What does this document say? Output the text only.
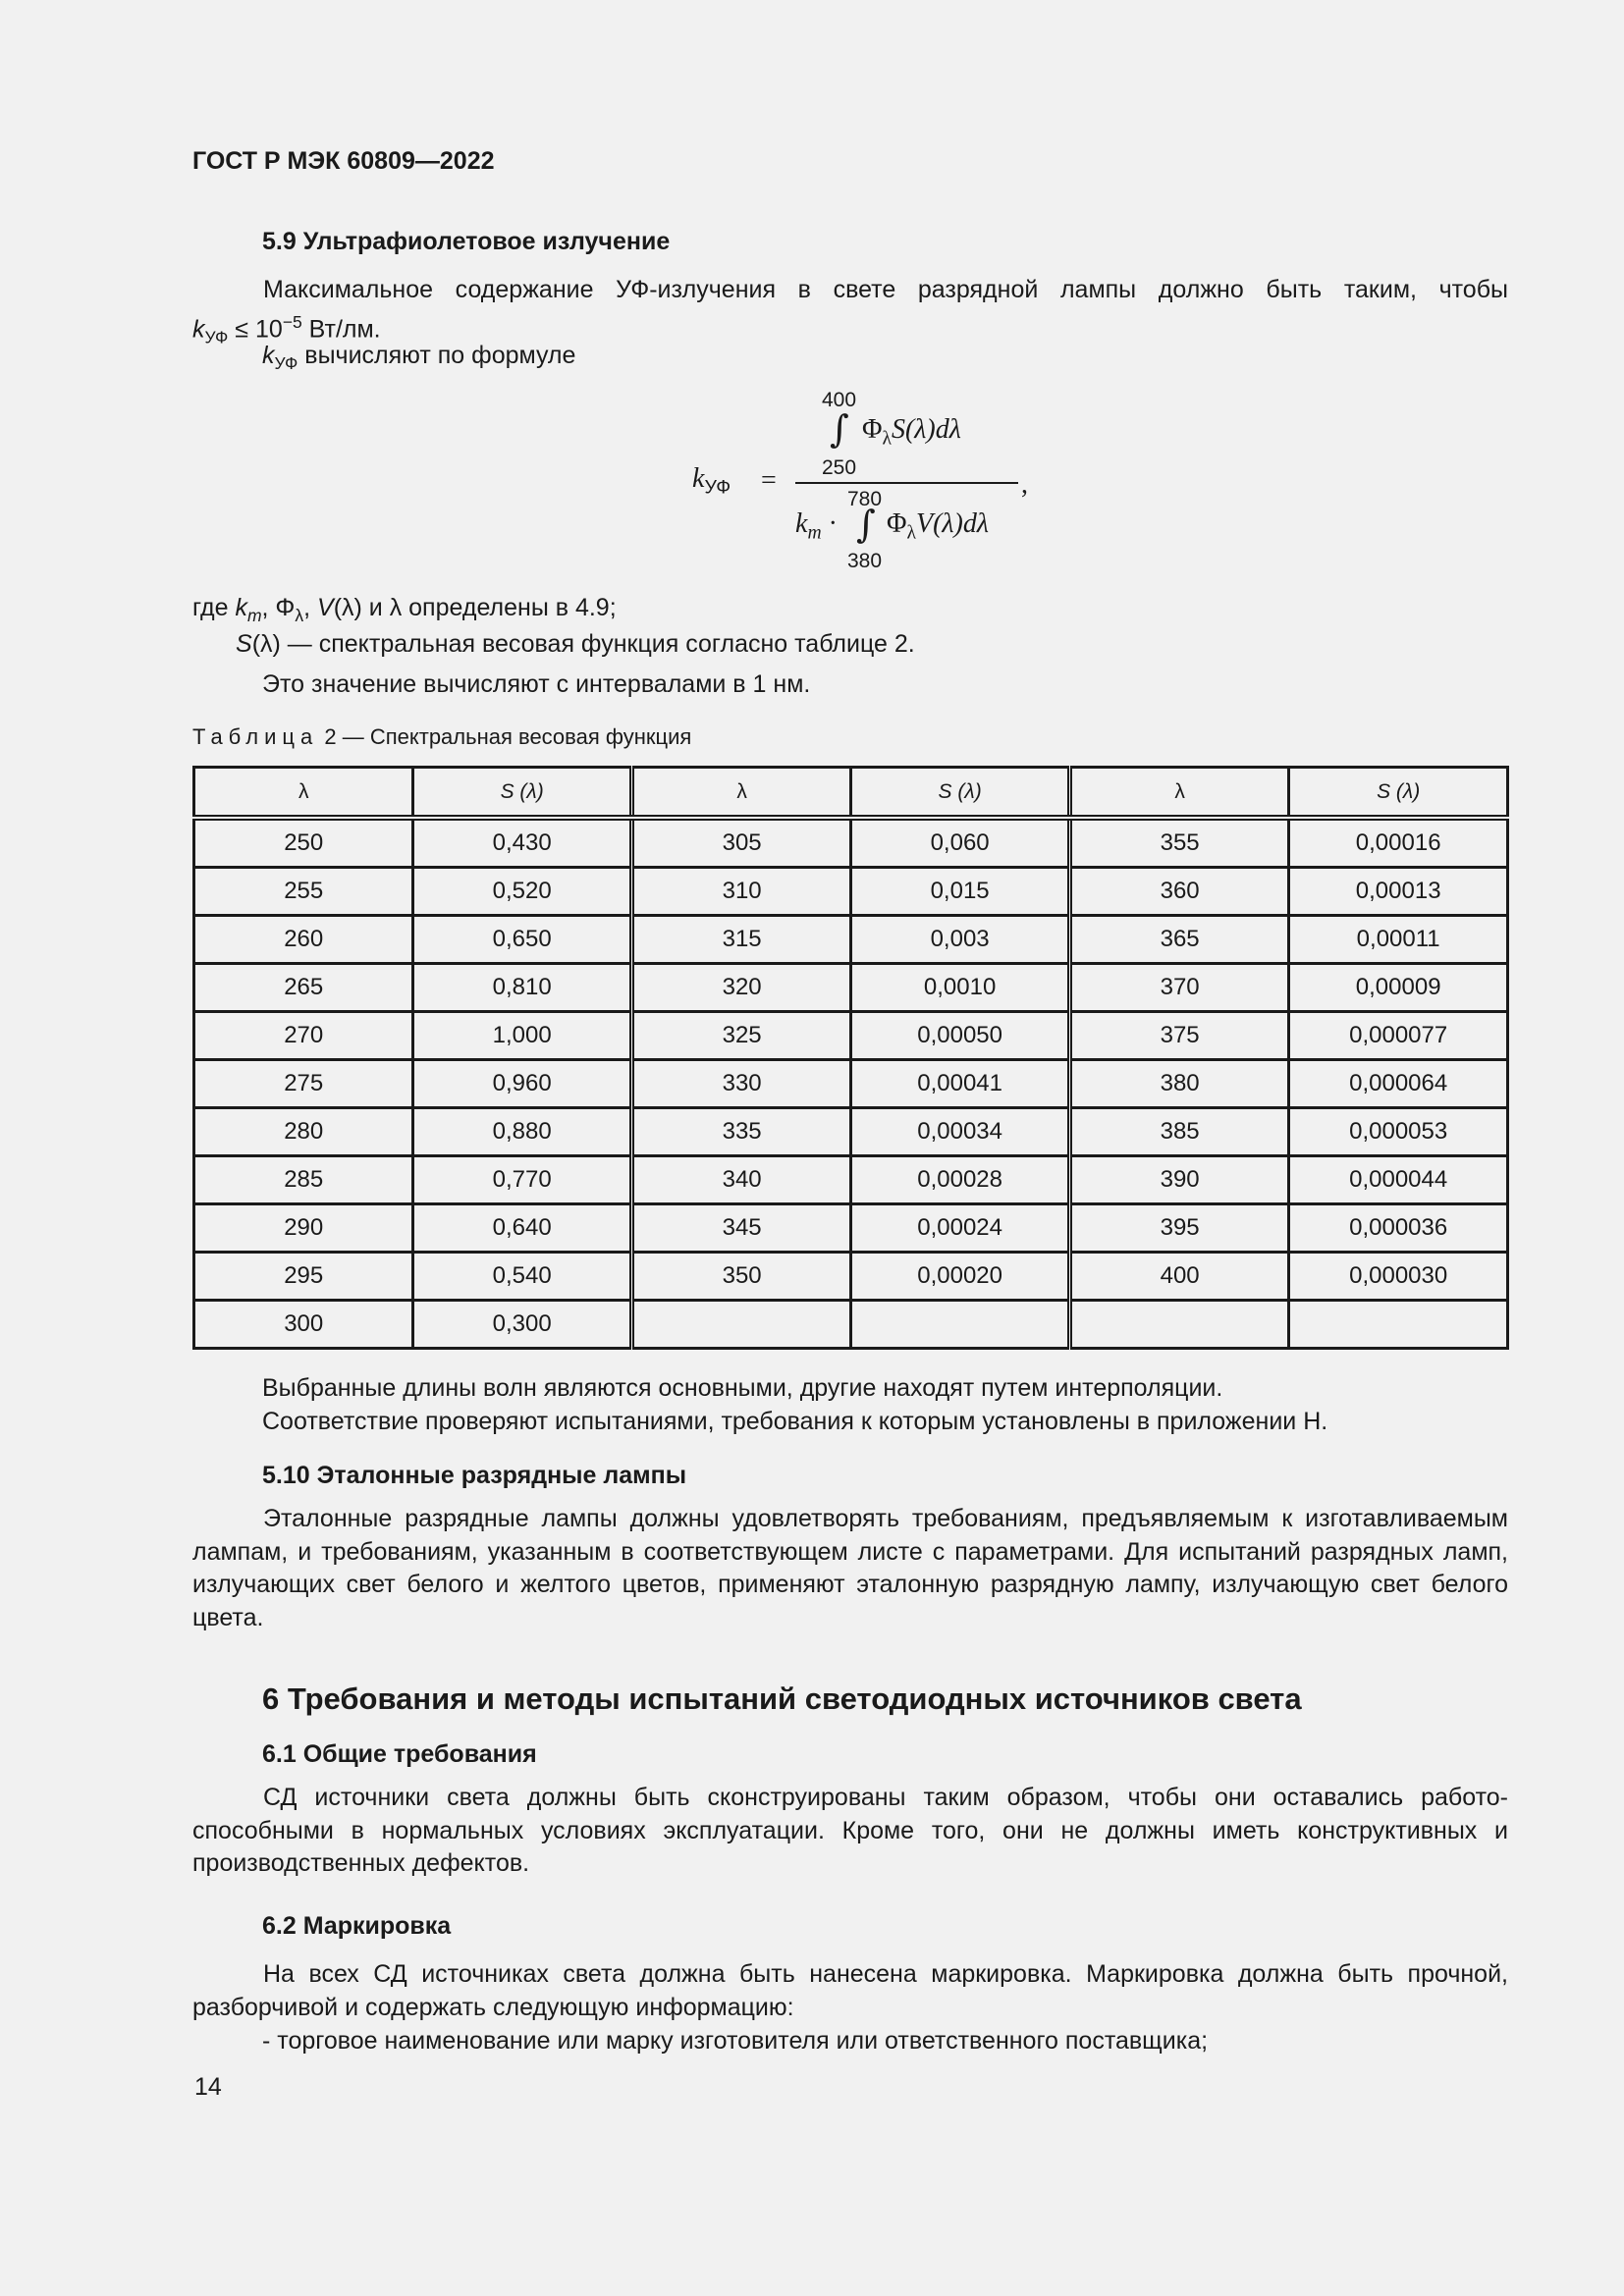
ГОСТ Р МЭК 60809—2022
5.9 Ультрафиолетовое излучение
Максимальное содержание УФ-излучения в свете разрядной лампы должно быть таким, чтобы
$k_{УФ} \le 10^{-5}$ Вт/лм.
$k_{УФ}$ вычисляют по формуле
$k_{УФ}$ =
400
∫ $\Phi_\lambda S(\lambda)d\lambda$
250
,
780
$k_m$ · ∫ $\Phi_\lambda V(\lambda)d\lambda$
380
где $k_m$, $\Phi_\lambda$, V(λ) и λ определены в 4.9;
S(λ) — спектральная весовая функция согласно таблице 2.
Это значение вычисляют с интервалами в 1 нм.
Таблица 2 — Спектральная весовая функция
λ	S (λ)	λ	S (λ)	λ	S (λ)
250	0,430	305	0,060	355	0,00016
255	0,520	310	0,015	360	0,00013
260	0,650	315	0,003	365	0,00011
265	0,810	320	0,0010	370	0,00009
270	1,000	325	0,00050	375	0,000077
275	0,960	330	0,00041	380	0,000064
280	0,880	335	0,00034	385	0,000053
285	0,770	340	0,00028	390	0,000044
290	0,640	345	0,00024	395	0,000036
295	0,540	350	0,00020	400	0,000030
300	0,300				
Выбранные длины волн являются основными, другие находят путем интерполяции.
Соответствие проверяют испытаниями, требования к которым установлены в приложении Н.
5.10 Эталонные разрядные лампы
Эталонные разрядные лампы должны удовлетворять требованиям, предъявляемым к изготавливаемым лампам, и требованиям, указанным в соответствующем листе с параметрами. Для испытаний разрядных ламп, излучающих свет белого и желтого цветов, применяют эталонную разрядную лампу, излучающую свет белого цвета.
6 Требования и методы испытаний светодиодных источников света
6.1 Общие требования
СД источники света должны быть сконструированы таким образом, чтобы они оставались работоспособными в нормальных условиях эксплуатации. Кроме того, они не должны иметь конструктивных и производственных дефектов.
6.2 Маркировка
На всех СД источниках света должна быть нанесена маркировка. Маркировка должна быть прочной, разборчивой и содержать следующую информацию:
- торговое наименование или марку изготовителя или ответственного поставщика;
14
